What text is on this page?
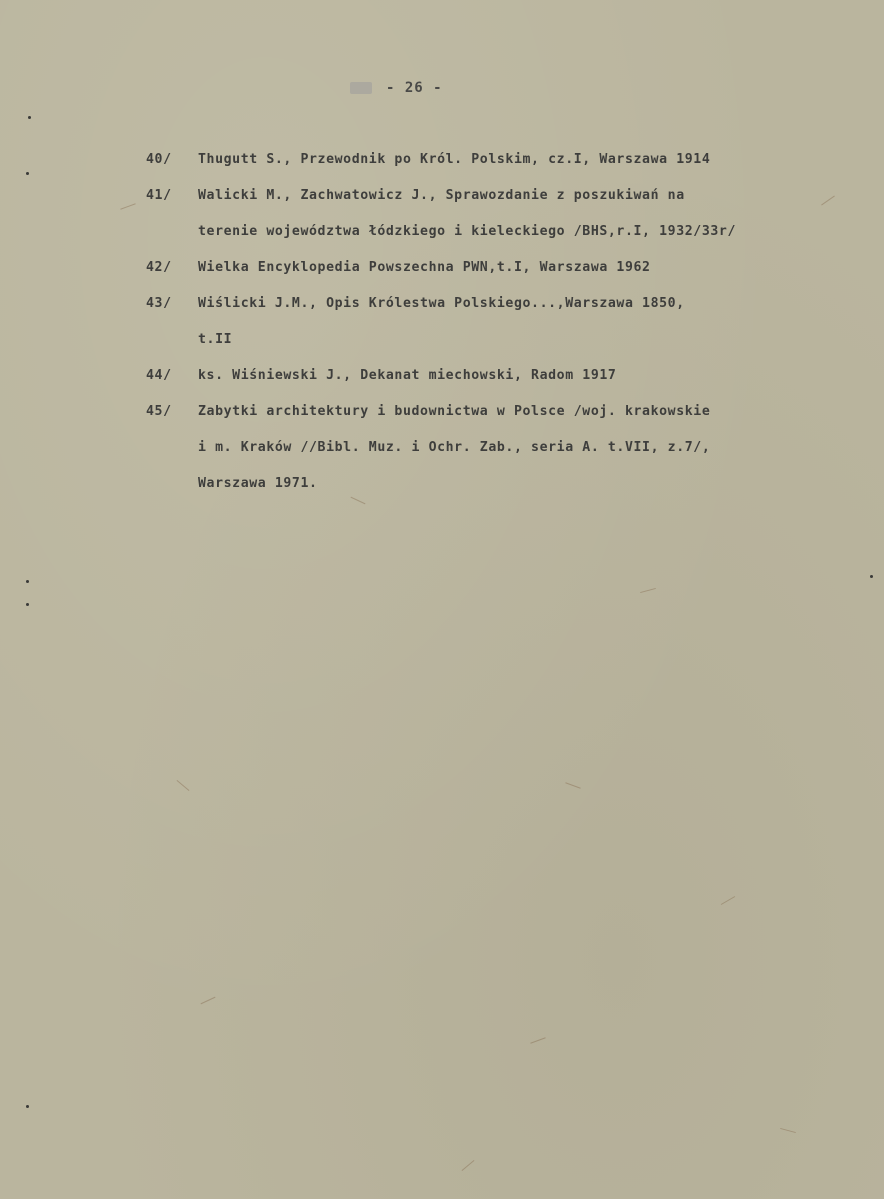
- 26 -
40/ Thugutt S., Przewodnik po Król. Polskim, cz.I, Warszawa 1914
41/ Walicki M., Zachwatowicz J., Sprawozdanie z poszukiwań na
terenie województwa łódzkiego i kieleckiego /BHS,r.I, 1932/33r/
42/ Wielka Encyklopedia Powszechna PWN,t.I, Warszawa 1962
43/ Wiślicki J.M., Opis Królestwa Polskiego...,Warszawa 1850,
t.II
44/ ks. Wiśniewski J., Dekanat miechowski, Radom 1917
45/ Zabytki architektury i budownictwa w Polsce /woj. krakowskie
i m. Kraków //Bibl. Muz. i Ochr. Zab., seria A. t.VII, z.7/,
Warszawa 1971.
